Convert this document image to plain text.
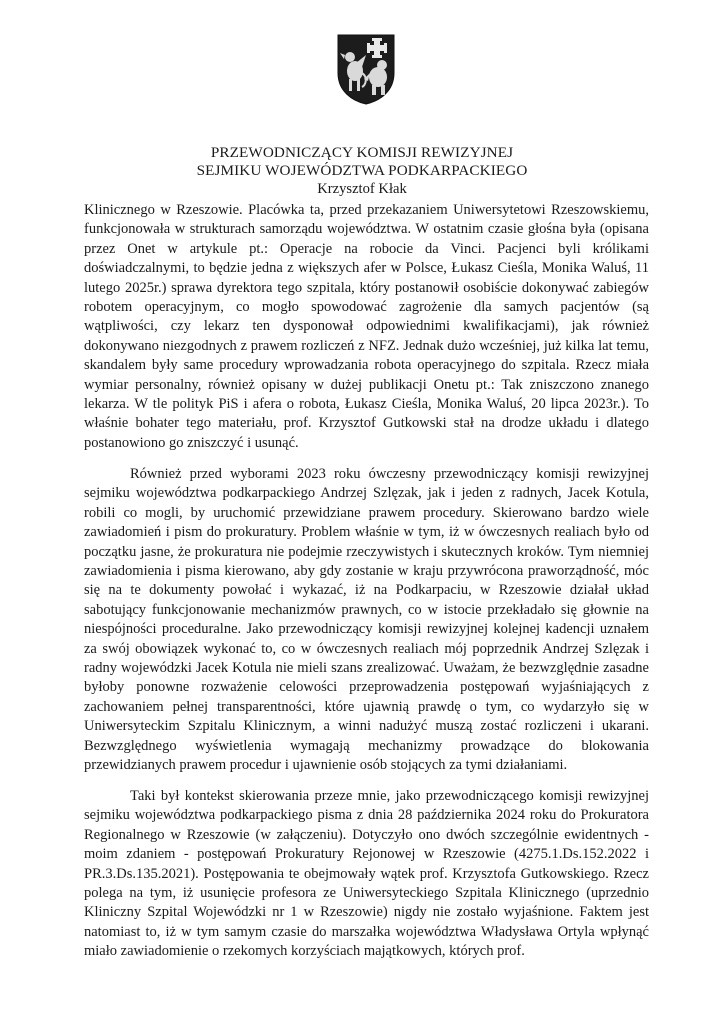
PRZEWODNICZĄCY KOMISJI REWIZYJNEJ
SEJMIKU WOJEWÓDZTWA PODKARPACKIEGO
Krzysztof Kłak

Klinicznego w Rzeszowie. Placówka ta, przed przekazaniem Uniwersytetowi Rzeszowskiemu, funkcjonowała w strukturach samorządu województwa. W ostatnim czasie głośna była (opisana przez Onet w artykule pt.: Operacje na robocie da Vinci. Pacjenci byli królikami doświadczalnymi, to będzie jedna z większych afer w Polsce, Łukasz Cieśla, Monika Waluś, 11 lutego 2025r.) sprawa dyrektora tego szpitala, który postanowił osobiście dokonywać zabiegów robotem operacyjnym, co mogło spowodować zagrożenie dla samych pacjentów (są wątpliwości, czy lekarz ten dysponował odpowiednimi kwalifikacjami), jak również dokonywano niezgodnych z prawem rozliczeń z NFZ. Jednak dużo wcześniej, już kilka lat temu, skandalem były same procedury wprowadzania robota operacyjnego do szpitala. Rzecz miała wymiar personalny, również opisany w dużej publikacji Onetu pt.: Tak zniszczono znanego lekarza. W tle polityk PiS i afera o robota, Łukasz Cieśla, Monika Waluś, 20 lipca 2023r.). To właśnie bohater tego materiału, prof. Krzysztof Gutkowski stał na drodze układu i dlatego postanowiono go zniszczyć i usunąć.

Również przed wyborami 2023 roku ówczesny przewodniczący komisji rewizyjnej sejmiku województwa podkarpackiego Andrzej Szlęzak, jak i jeden z radnych, Jacek Kotula, robili co mogli, by uruchomić przewidziane prawem procedury. Skierowano bardzo wiele zawiadomień i pism do prokuratury. Problem właśnie w tym, iż w ówczesnych realiach było od początku jasne, że prokuratura nie podejmie rzeczywistych i skutecznych kroków. Tym niemniej zawiadomienia i pisma kierowano, aby gdy zostanie w kraju przywrócona praworządność, móc się na te dokumenty powołać i wykazać, iż na Podkarpaciu, w Rzeszowie działał układ sabotujący funkcjonowanie mechanizmów prawnych, co w istocie przekładało się głownie na niespójności proceduralne. Jako przewodniczący komisji rewizyjnej kolejnej kadencji uznałem za swój obowiązek wykonać to, co w ówczesnych realiach mój poprzednik Andrzej Szlęzak i radny wojewódzki Jacek Kotula nie mieli szans zrealizować. Uważam, że bezwzględnie zasadne byłoby ponowne rozważenie celowości przeprowadzenia postępowań wyjaśniających z zachowaniem pełnej transparentności, które ujawnią prawdę o tym, co wydarzyło się w Uniwersyteckim Szpitalu Klinicznym, a winni nadużyć muszą zostać rozliczeni i ukarani. Bezwzględnego wyświetlenia wymagają mechanizmy prowadzące do blokowania przewidzianych prawem procedur i ujawnienie osób stojących za tymi działaniami.

Taki był kontekst skierowania przeze mnie, jako przewodniczącego komisji rewizyjnej sejmiku województwa podkarpackiego pisma z dnia 28 października 2024 roku do Prokuratora Regionalnego w Rzeszowie (w załączeniu). Dotyczyło ono dwóch szczególnie ewidentnych - moim zdaniem - postępowań Prokuratury Rejonowej w Rzeszowie (4275.1.Ds.152.2022 i PR.3.Ds.135.2021). Postępowania te obejmowały wątek prof. Krzysztofa Gutkowskiego. Rzecz polega na tym, iż usunięcie profesora ze Uniwersyteckiego Szpitala Klinicznego (uprzednio Kliniczny Szpital Wojewódzki nr 1 w Rzeszowie) nigdy nie zostało wyjaśnione. Faktem jest natomiast to, iż w tym samym czasie do marszałka województwa Władysława Ortyla wpłynąć miało zawiadomienie o rzekomych korzyściach majątkowych, których prof.
